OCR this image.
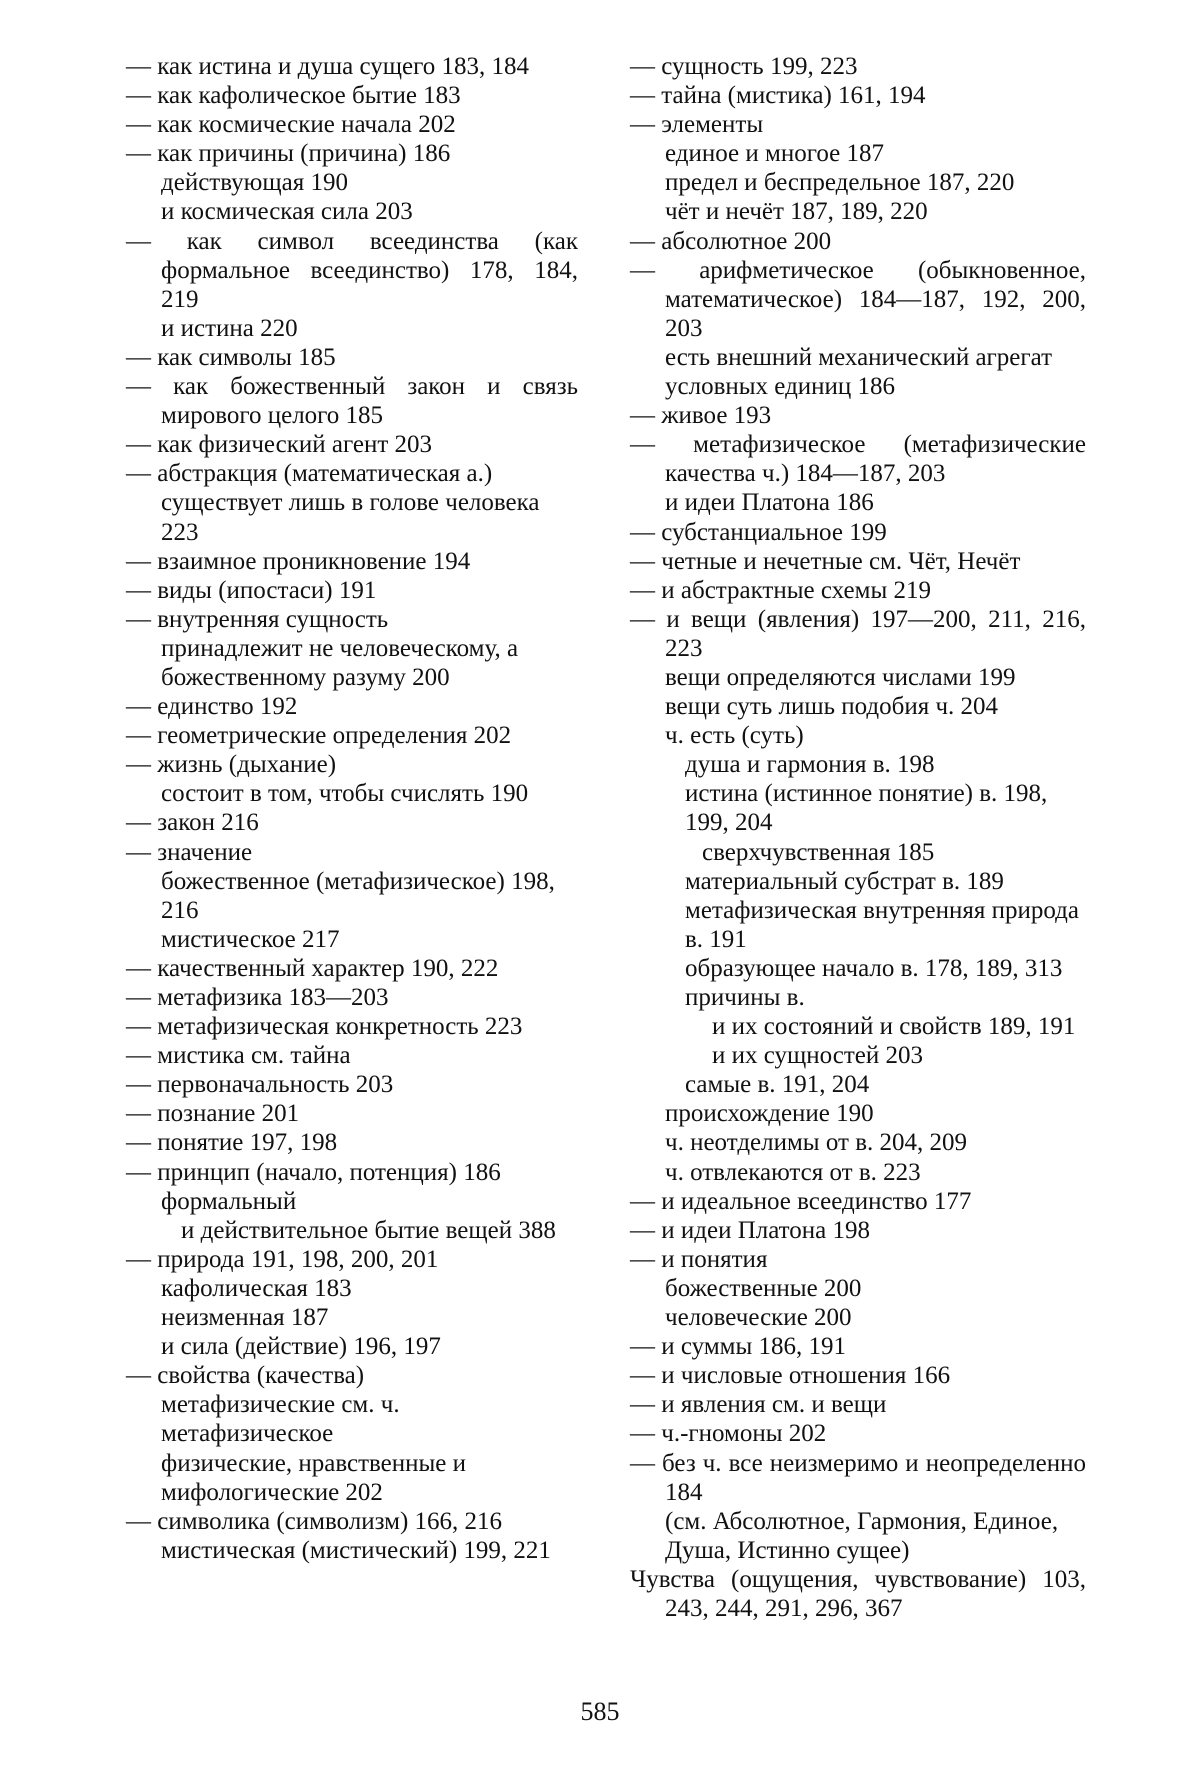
— как истина и душа сущего 183, 184

— как кафолическое бытие 183

— как космические начала 202

— как причины (причина) 186

действующая 190

и космическая сила 203

— как символ всеединства (как формальное всеединство) 178, 184, 219

и истина 220

— как символы 185

— как божественный закон и связь мирового целого 185

— как физический агент 203

— абстракция (математическая а.)

существует лишь в голове человека 223

— взаимное проникновение 194

— виды (ипостаси) 191

— внутренняя сущность

принадлежит не человеческому, а божественному разуму 200

— единство 192

— геометрические определения 202

— жизнь (дыхание)

состоит в том, чтобы счислять 190

— закон 216

— значение

божественное (метафизическое) 198, 216

мистическое 217

— качественный характер 190, 222

— метафизика 183—203

— метафизическая конкретность 223

— мистика см. тайна

— первоначальность 203

— познание 201

— понятие 197, 198

— принцип (начало, потенция) 186

формальный

и действительное бытие вещей 388

— природа 191, 198, 200, 201

кафолическая 183

неизменная 187

и сила (действие) 196, 197

— свойства (качества)

метафизические см. ч. метафизическое

физические, нравственные и мифологические 202

— символика (символизм) 166, 216

мистическая (мистический) 199, 221

— сущность 199, 223

— тайна (мистика) 161, 194

— элементы

единое и многое 187

предел и беспредельное 187, 220

чёт и нечёт 187, 189, 220

— абсолютное 200

— арифметическое (обыкновенное, математическое) 184—187, 192, 200, 203

есть внешний механический агрегат условных единиц 186

— живое 193

— метафизическое (метафизические качества ч.) 184—187, 203

и идеи Платона 186

— субстанциальное 199

— четные и нечетные см. Чёт, Нечёт

— и абстрактные схемы 219

— и вещи (явления) 197—200, 211, 216, 223

вещи определяются числами 199

вещи суть лишь подобия ч. 204

ч. есть (суть)

душа и гармония в. 198

истина (истинное понятие) в. 198, 199, 204

сверхчувственная 185

материальный субстрат в. 189

метафизическая внутренняя природа в. 191

образующее начало в. 178, 189, 313

причины в.

и их состояний и свойств 189, 191

и их сущностей 203

самые в. 191, 204

происхождение 190

ч. неотделимы от в. 204, 209

ч. отвлекаются от в. 223

— и идеальное всеединство 177

— и идеи Платона 198

— и понятия

божественные 200

человеческие 200

— и суммы 186, 191

— и числовые отношения 166

— и явления см. и вещи

— ч.-гномоны 202

— без ч. все неизмеримо и неопределенно 184

(см. Абсолютное, Гармония, Единое, Душа, Истинно сущее)

Чувства (ощущения, чувствование) 103, 243, 244, 291, 296, 367

585
